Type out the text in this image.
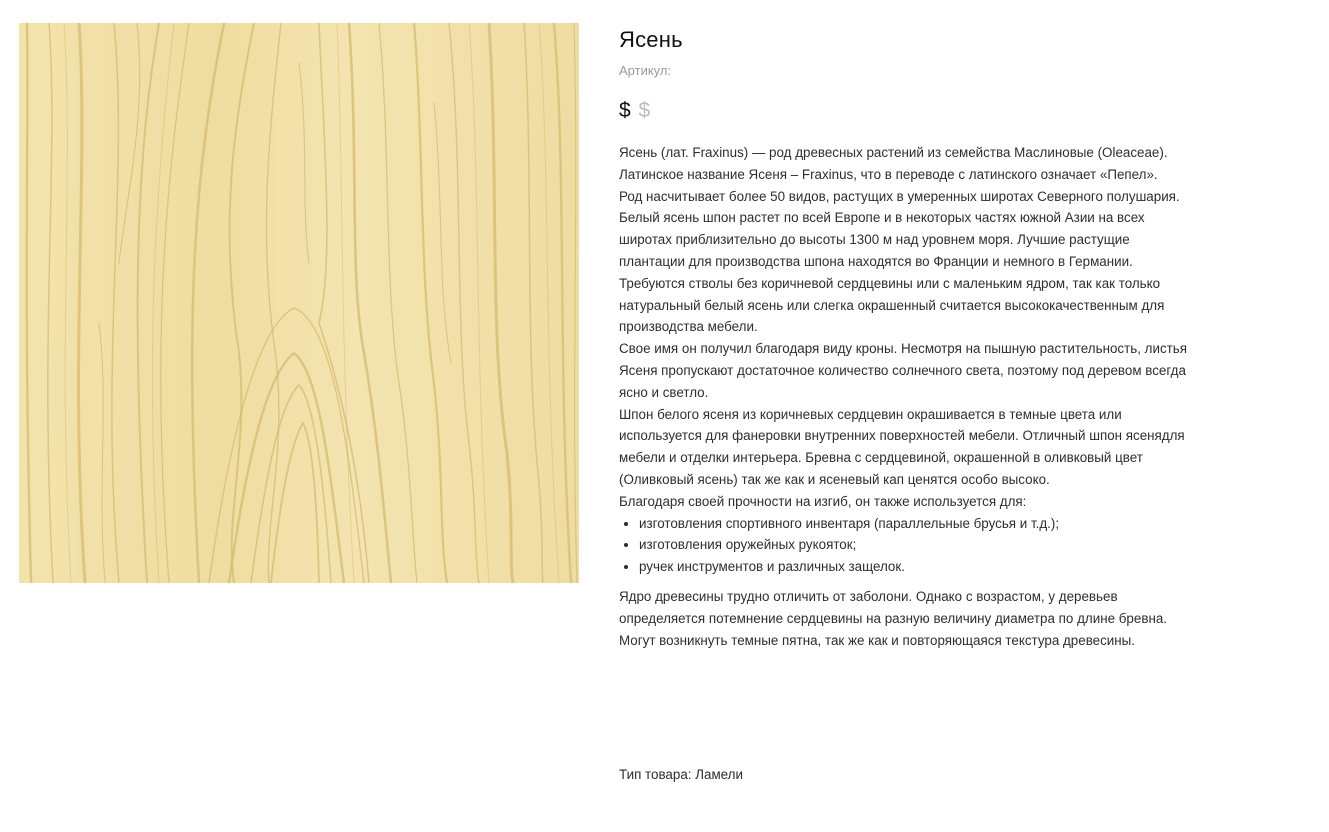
Ясень
Артикул:
$ $

Ясень (лат. Fraxinus) — род древесных растений из семейства Маслиновые (Oleaceae). Латинское название Ясеня – Fraxinus, что в переводе с латинского означает «Пепел».

Род насчитывает более 50 видов, растущих в умеренных широтах Северного полушария.

Белый ясень шпон растет по всей Европе и в некоторых частях южной Азии на всех широтах приблизительно до высоты 1300 м над уровнем моря. Лучшие растущие плантации для производства шпона находятся во Франции и немного в Германии.

Требуются стволы без коричневой сердцевины или с маленьким ядром, так как только натуральный белый ясень или слегка окрашенный считается высококачественным для производства мебели.

Свое имя он получил благодаря виду кроны. Несмотря на пышную растительность, листья Ясеня пропускают достаточное количество солнечного света, поэтому под деревом всегда ясно и светло.

Шпон белого ясеня из коричневых сердцевин окрашивается в темные цвета или используется для фанеровки внутренних поверхностей мебели. Отличный шпон ясенядля мебели и отделки интерьера. Бревна с сердцевиной, окрашенной в оливковый цвет (Оливковый ясень) так же как и ясеневый кап ценятся особо высоко.

Благодаря своей прочности на изгиб, он также используется для:

• изготовления спортивного инвентаря (параллельные брусья и т.д.);
• изготовления оружейных рукояток;
• ручек инструментов и различных защелок.

Ядро древесины трудно отличить от заболони. Однако с возрастом, у деревьев определяется потемнение сердцевины на разную величину диаметра по длине бревна. Могут возникнуть темные пятна, так же как и повторяющаяся текстура древесины.

Тип товара: Ламели
